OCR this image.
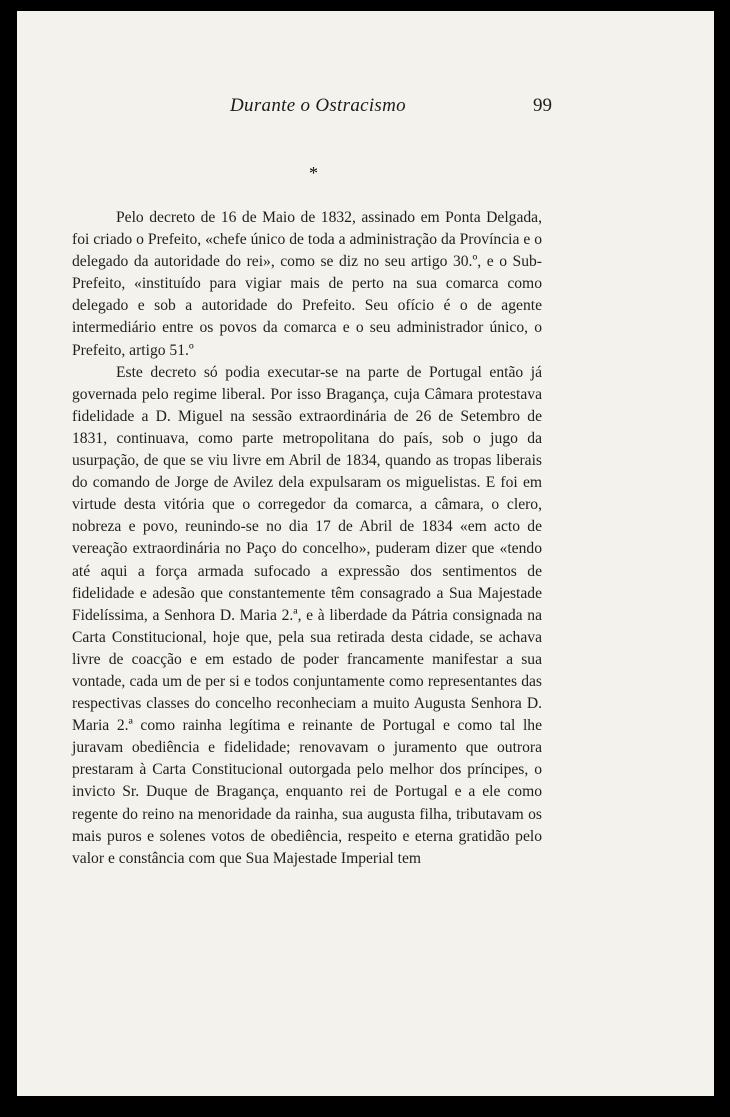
Durante o Ostracismo	99
*

Pelo decreto de 16 de Maio de 1832, assinado em Ponta Delgada, foi criado o Prefeito, «chefe único de toda a administração da Província e o delegado da autoridade do rei», como se diz no seu artigo 30.º, e o Sub-Prefeito, «instituído para vigiar mais de perto na sua comarca como delegado e sob a autoridade do Prefeito. Seu ofício é o de agente intermediário entre os povos da comarca e o seu administrador único, o Prefeito, artigo 51.º

Este decreto só podia executar-se na parte de Portugal então já governada pelo regime liberal. Por isso Bragança, cuja Câmara protestava fidelidade a D. Miguel na sessão extraordinária de 26 de Setembro de 1831, continuava, como parte metropolitana do país, sob o jugo da usurpação, de que se viu livre em Abril de 1834, quando as tropas liberais do comando de Jorge de Avilez dela expulsaram os miguelistas. E foi em virtude desta vitória que o corregedor da comarca, a câmara, o clero, nobreza e povo, reunindo-se no dia 17 de Abril de 1834 «em acto de vereação extraordinária no Paço do concelho», puderam dizer que «tendo até aqui a força armada sufocado a expressão dos sentimentos de fidelidade e adesão que constantemente têm consagrado a Sua Majestade Fidelíssima, a Senhora D. Maria 2.ª, e à liberdade da Pátria consignada na Carta Constitucional, hoje que, pela sua retirada desta cidade, se achava livre de coacção e em estado de poder francamente manifestar a sua vontade, cada um de per si e todos conjuntamente como representantes das respectivas classes do concelho reconheciam a muito Augusta Senhora D. Maria 2.ª como rainha legítima e reinante de Portugal e como tal lhe juravam obediência e fidelidade; renovavam o juramento que outrora prestaram à Carta Constitucional outorgada pelo melhor dos príncipes, o invicto Sr. Duque de Bragança, enquanto rei de Portugal e a ele como regente do reino na menoridade da rainha, sua augusta filha, tributavam os mais puros e solenes votos de obediência, respeito e eterna gratidão pelo valor e constância com que Sua Majestade Imperial tem
